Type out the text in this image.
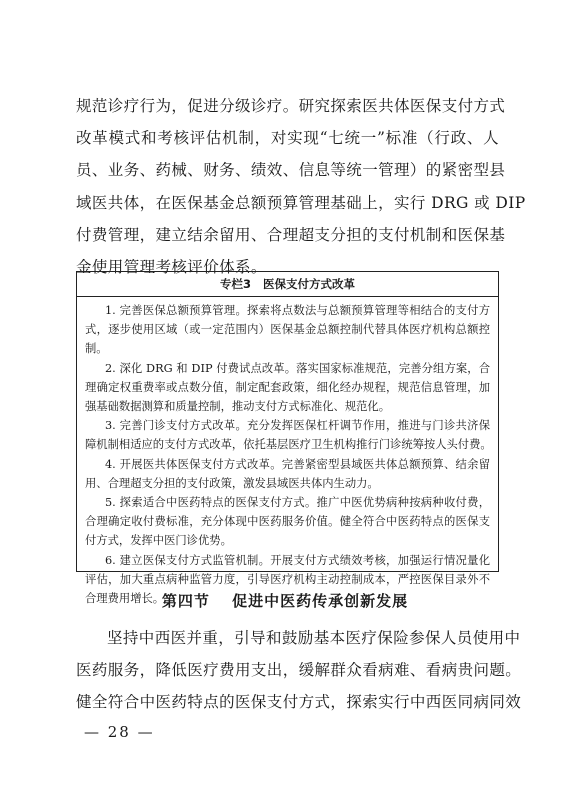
规范诊疗行为，促进分级诊疗。研究探索医共体医保支付方式
改革模式和考核评估机制，对实现“七统一”标准（行政、人
员、业务、药械、财务、绩效、信息等统一管理）的紧密型县
域医共体，在医保基金总额预算管理基础上，实行 DRG 或 DIP
付费管理，建立结余留用、合理超支分担的支付机制和医保基
金使用管理考核评价体系。
专栏3 医保支付方式改革
1. 完善医保总额预算管理。探索将点数法与总额预算管理等相结合的支付方
式，逐步使用区域（或一定范围内）医保基金总额控制代替具体医疗机构总额控
制。
2. 深化 DRG 和 DIP 付费试点改革。落实国家标准规范，完善分组方案，合
理确定权重费率或点数分值，制定配套政策，细化经办规程，规范信息管理，加
强基础数据测算和质量控制，推动支付方式标准化、规范化。
3. 完善门诊支付方式改革。充分发挥医保杠杆调节作用，推进与门诊共济保
障机制相适应的支付方式改革，依托基层医疗卫生机构推行门诊统筹按人头付费。
4. 开展医共体医保支付方式改革。完善紧密型县域医共体总额预算、结余留
用、合理超支分担的支付政策，激发县域医共体内生动力。
5. 探索适合中医药特点的医保支付方式。推广中医优势病种按病种收付费，
合理确定收付费标准，充分体现中医药服务价值。健全符合中医药特点的医保支
付方式，发挥中医门诊优势。
6. 建立医保支付方式监管机制。开展支付方式绩效考核，加强运行情况量化
评估，加大重点病种监管力度，引导医疗机构主动控制成本，严控医保目录外不
合理费用增长。
第四节 促进中医药传承创新发展
坚持中西医并重，引导和鼓励基本医疗保险参保人员使用中
医药服务，降低医疗费用支出，缓解群众看病难、看病贵问题。
健全符合中医药特点的医保支付方式，探索实行中西医同病同效
— 28 —
